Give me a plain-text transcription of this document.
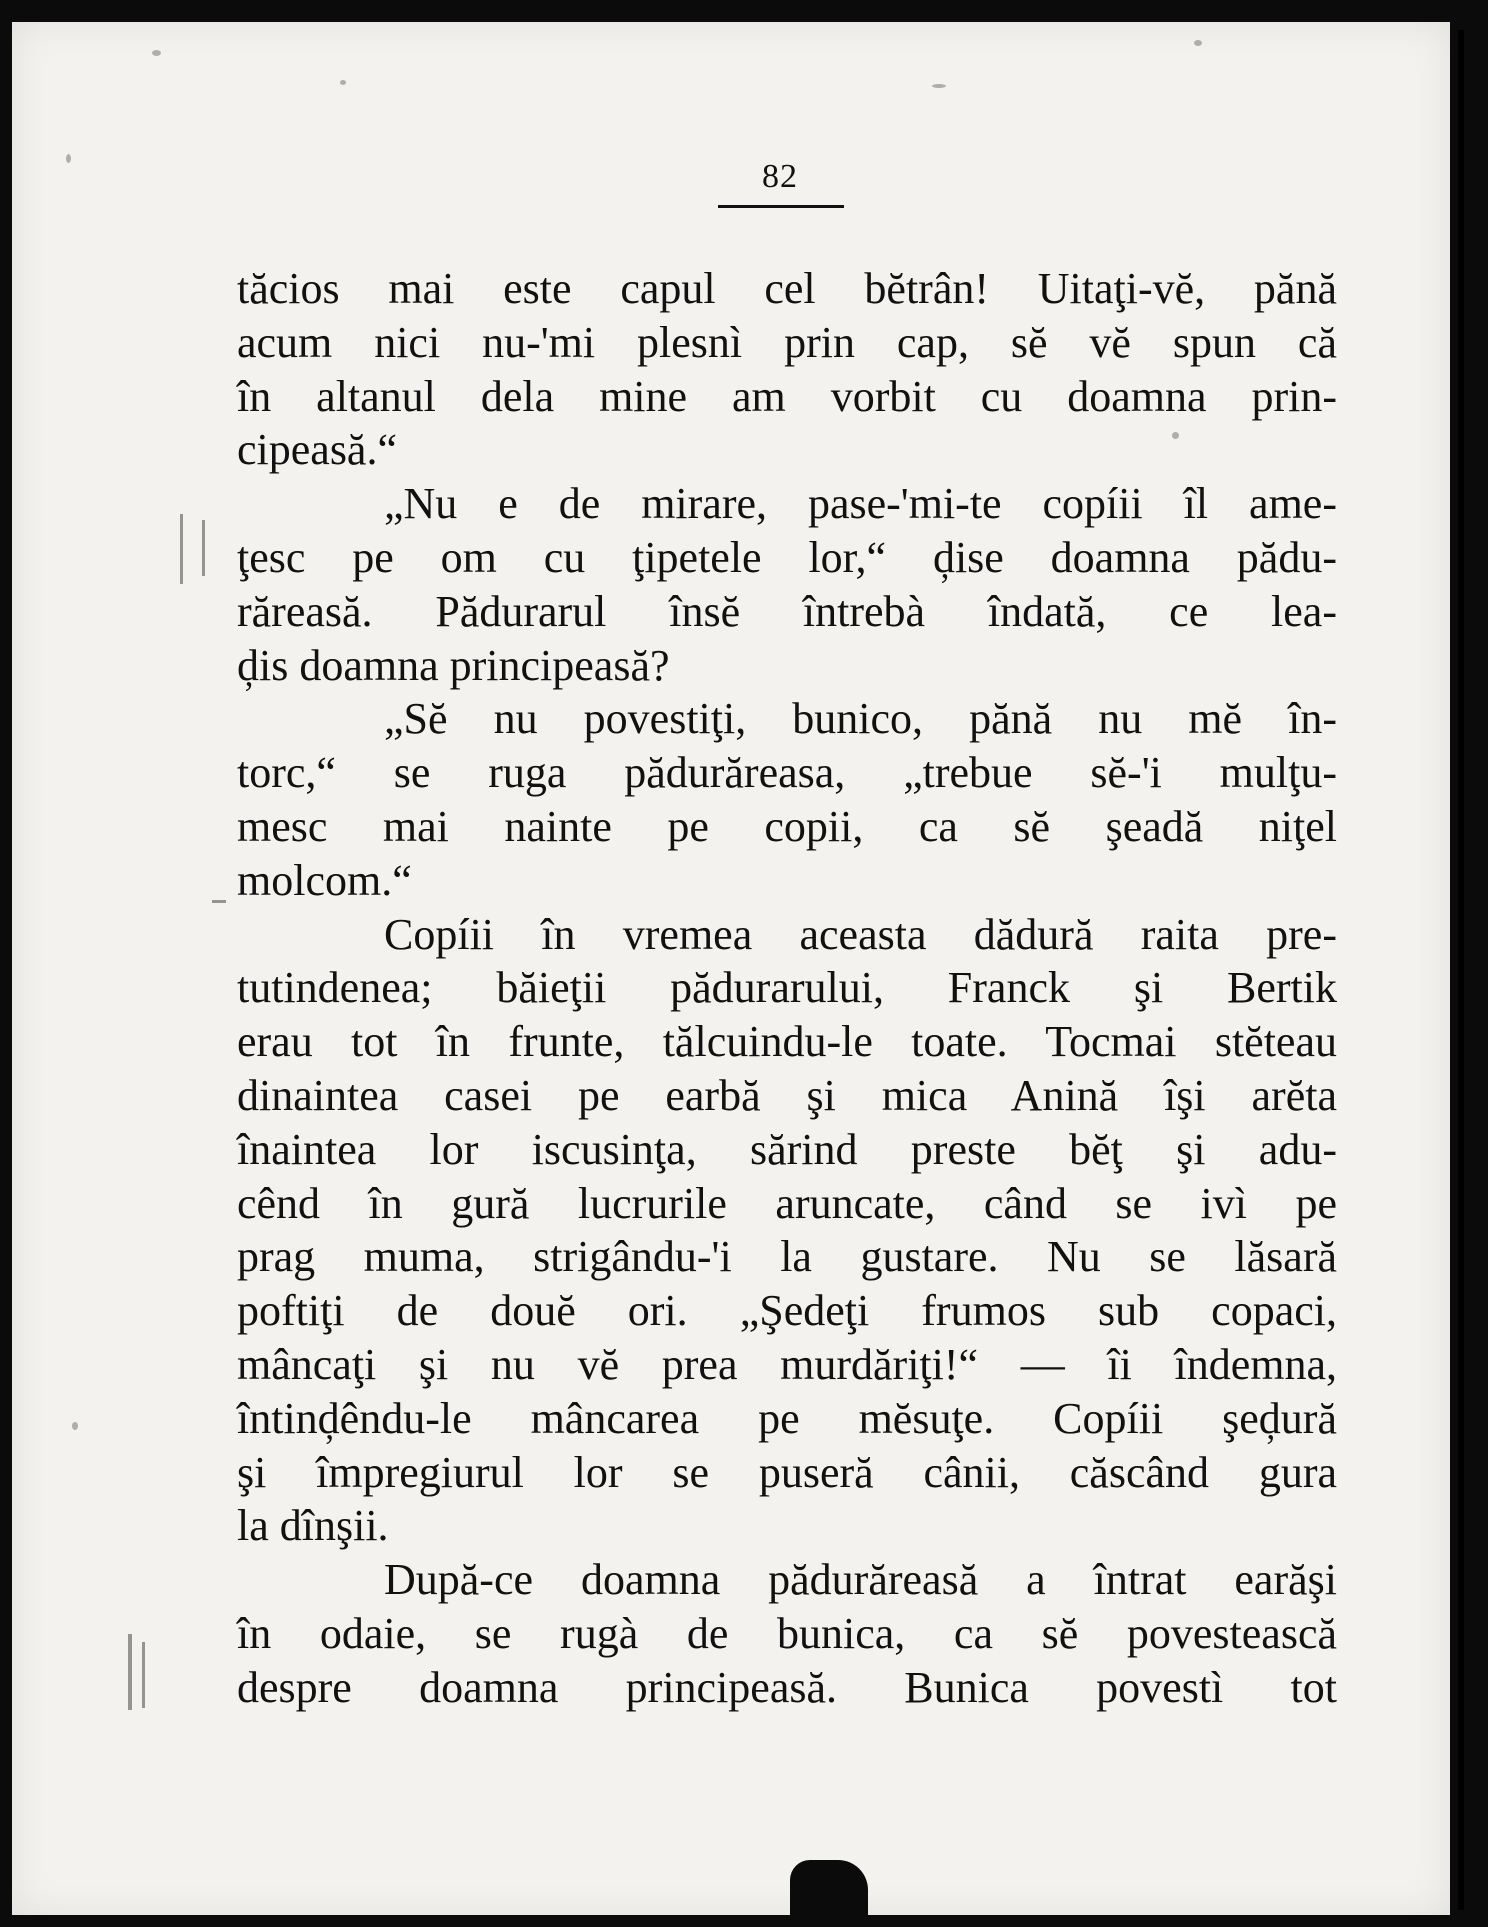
82
tăcios mai este capul cel bĕtrân! Uitaţi-vĕ, pănă
acum nici nu-'mi plesnì prin cap, sĕ vĕ spun că
în altanul dela mine am vorbit cu doamna prin-
cipeasă.“
„Nu e de mirare, pase-'mi-te copíii îl ame-
ţesc pe om cu ţipetele lor,“ ḑise doamna pădu-
răreasă. Pădurarul însĕ întrebà îndată, ce lea-
ḑis doamna principeasă?
„Sĕ nu povestiţi, bunico, pănă nu mĕ în-
torc,“ se ruga pădurăreasa, „trebue sĕ-'i mulţu-
mesc mai nainte pe copii, ca sĕ şeadă niţel
molcom.“
Copíii în vremea aceasta dădură raita pre-
tutindenea; băieţii pădurarului, Franck şi Bertik
erau tot în frunte, tălcuindu-le toate. Tocmai stĕteau
dinaintea casei pe earbă şi mica Anină îşi arĕta
înaintea lor iscusinţa, sărind preste bĕţ şi adu-
cênd în gură lucrurile aruncate, când se ivì pe
prag muma, strigându-'i la gustare. Nu se lăsară
poftiţi de douĕ ori. „Şedeţi frumos sub copaci,
mâncaţi şi nu vĕ prea murdăriţi!“ — îi îndemna,
întinḑêndu-le mâncarea pe mĕsuţe. Copíii şeḑură
şi împregiurul lor se puseră cânii, căscând gura
la dînşii.
După-ce doamna pădurăreasă a întrat earăşi
în odaie, se rugà de bunica, ca sĕ povestească
despre doamna principeasă. Bunica povestì tot
